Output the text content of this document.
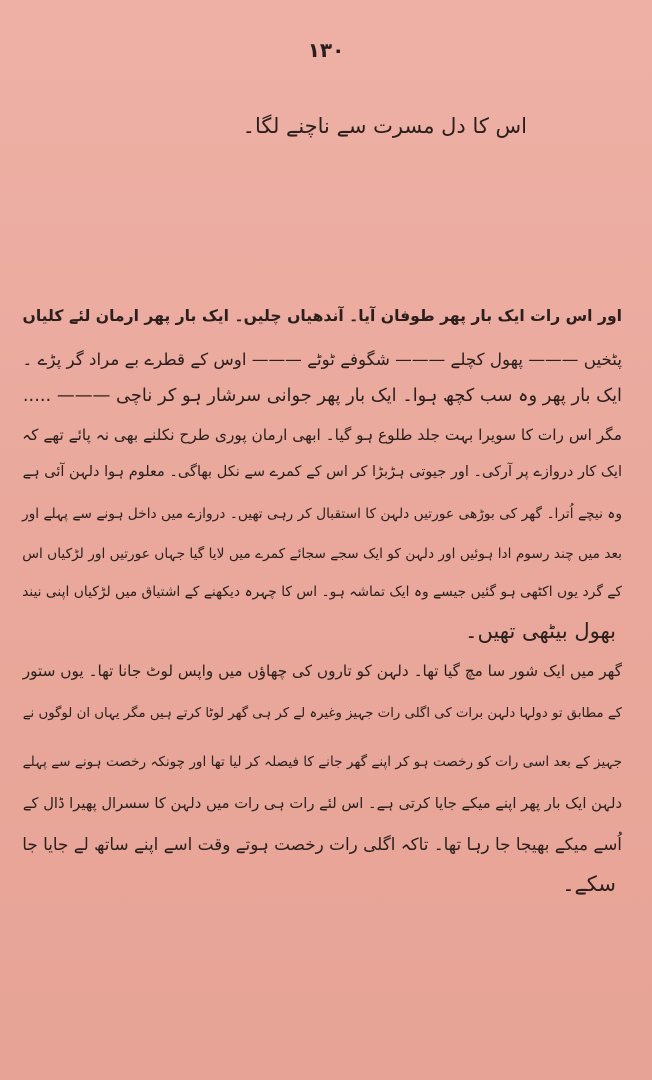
۱۳۰
اس کا دل مسرت سے ناچنے لگا۔
اور اس رات ایک بار پھر طوفان آیا۔ آندھیاں چلیں۔ ایک بار پھر ارمان لئے کلیاں
پٹخیں ——— پھول کچلے ——— شگوفے ٹوٹے ——— اوس کے قطرے بے مراد گر پڑے ۔
ایک بار پھر وہ سب کچھ ہوا۔ ایک بار پھر جوانی سرشار ہو کر ناچی ——— .....
مگر اس رات کا سویرا بہت جلد طلوع ہو گیا۔ ابھی ارمان پوری طرح نکلنے بھی نہ پائے تھے کہ
ایک کار دروازے پر آرکی۔ اور جیوتی ہڑبڑا کر اس کے کمرے سے نکل بھاگی۔ معلوم ہوا دلہن آئی ہے
وہ نیچے اُترا۔ گھر کی بوڑھی عورتیں دلہن کا استقبال کر رہی تھیں۔ دروازے میں داخل ہونے سے پہلے اور
بعد میں چند رسوم ادا ہوئیں اور دلہن کو ایک سجے سجائے کمرے میں لایا گیا جہاں عورتیں اور لڑکیاں اس
کے گرد یوں اکٹھی ہو گئیں جیسے وہ ایک تماشہ ہو۔ اس کا چہرہ دیکھنے کے اشتیاق میں لڑکیاں اپنی نیند
بھول بیٹھی تھیں۔
گھر میں ایک شور سا مچ گیا تھا۔ دلہن کو تاروں کی چھاؤں میں واپس لوٹ جانا تھا۔ یوں ستور
کے مطابق تو دولہا دلہن برات کی اگلی رات جہیز وغیرہ لے کر ہی گھر لوٹا کرتے ہیں مگر یہاں ان لوگوں نے
جہیز کے بعد اسی رات کو رخصت ہو کر اپنے گھر جانے کا فیصلہ کر لیا تھا اور چونکہ رخصت ہونے سے پہلے
دلہن ایک بار پھر اپنے میکے جایا کرتی ہے۔ اس لئے رات ہی رات میں دلہن کا سسرال پھیرا ڈال کے
اُسے میکے بھیجا جا رہا تھا۔ تاکہ اگلی رات رخصت ہوتے وقت اسے اپنے ساتھ لے جایا جا
سکے۔
